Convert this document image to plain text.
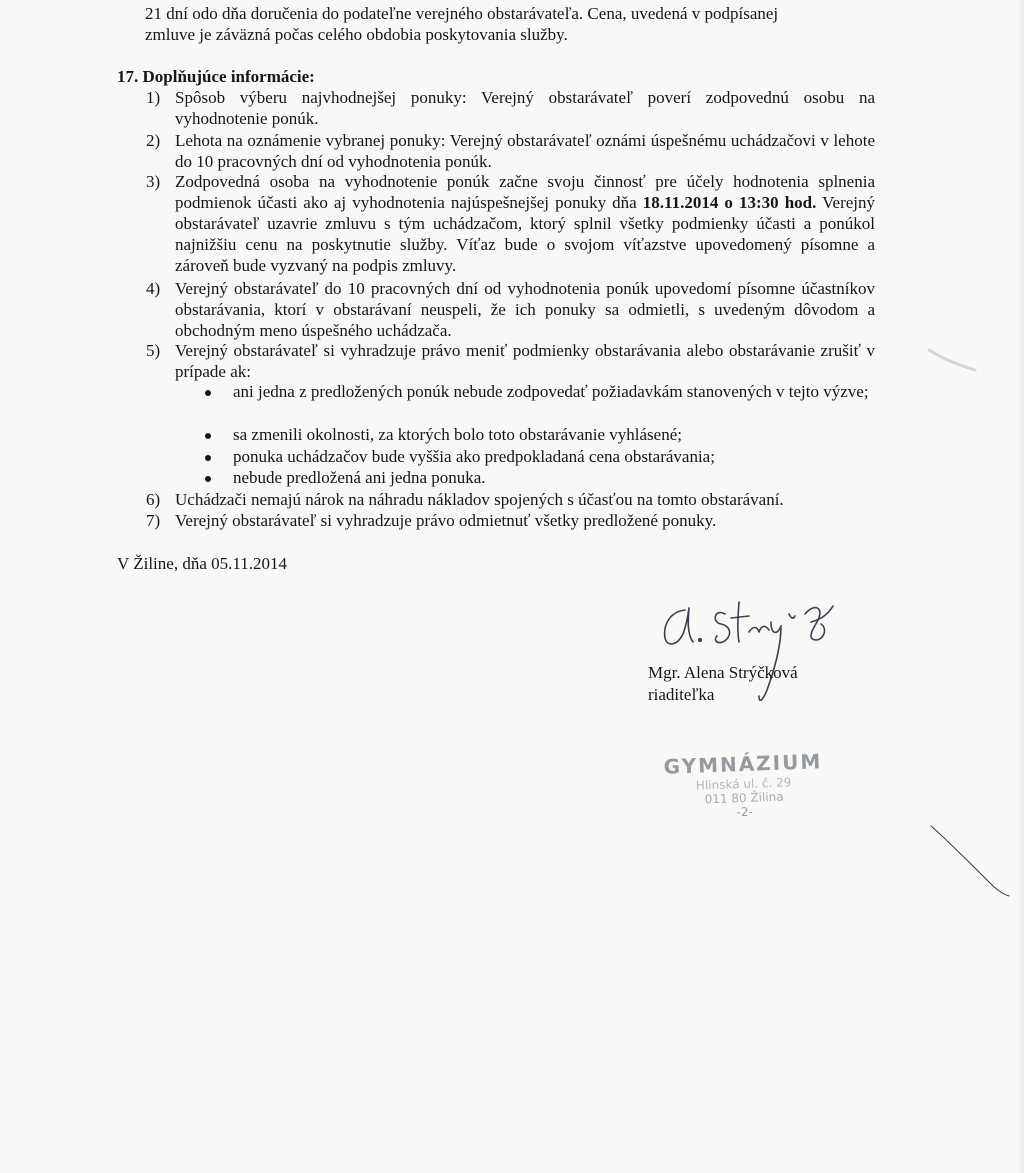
21 dní odo dňa doručenia do podateľne verejného obstarávateľa. Cena, uvedená v podpísanej
zmluve je záväzná počas celého obdobia poskytovania služby.
17. Doplňujúce informácie:
1) Spôsob výberu najvhodnejšej ponuky: Verejný obstarávateľ poverí zodpovednú osobu na vyhodnotenie ponúk.
2) Lehota na oznámenie vybranej ponuky: Verejný obstarávateľ oznámi úspešnému uchádzačovi v lehote do 10 pracovných dní od vyhodnotenia ponúk.
3) Zodpovedná osoba na vyhodnotenie ponúk začne svoju činnosť pre účely hodnotenia splnenia podmienok účasti ako aj vyhodnotenia najúspešnejšej ponuky dňa 18.11.2014 o 13:30 hod. Verejný obstarávateľ uzavrie zmluvu s tým uchádzačom, ktorý splnil všetky podmienky účasti a ponúkol najnižšiu cenu na poskytnutie služby. Víťaz bude o svojom víťazstve upovedomený písomne a zároveň bude vyzvaný na podpis zmluvy.
4) Verejný obstarávateľ do 10 pracovných dní od vyhodnotenia ponúk upovedomí písomne účastníkov obstarávania, ktorí v obstarávaní neuspeli, že ich ponuky sa odmietli, s uvedeným dôvodom a obchodným meno úspešného uchádzača.
5) Verejný obstarávateľ si vyhradzuje právo meniť podmienky obstarávania alebo obstarávanie zrušiť v prípade ak:
ani jedna z predložených ponúk nebude zodpovedať požiadavkám stanovených v tejto výzve;
sa zmenili okolnosti, za ktorých bolo toto obstarávanie vyhlásené;
ponuka uchádzačov bude vyššia ako predpokladaná cena obstarávania;
nebude predložená ani jedna ponuka.
6) Uchádzači nemajú nárok na náhradu nákladov spojených s účasťou na tomto obstarávaní.
7) Verejný obstarávateľ si vyhradzuje právo odmietnuť všetky predložené ponuky.
V Žiline, dňa 05.11.2014
Mgr. Alena Strýčková
riaditeľka
GYMNÁZIUM
Hlinská ul. č. 29
011 80 Žilina
-2-
